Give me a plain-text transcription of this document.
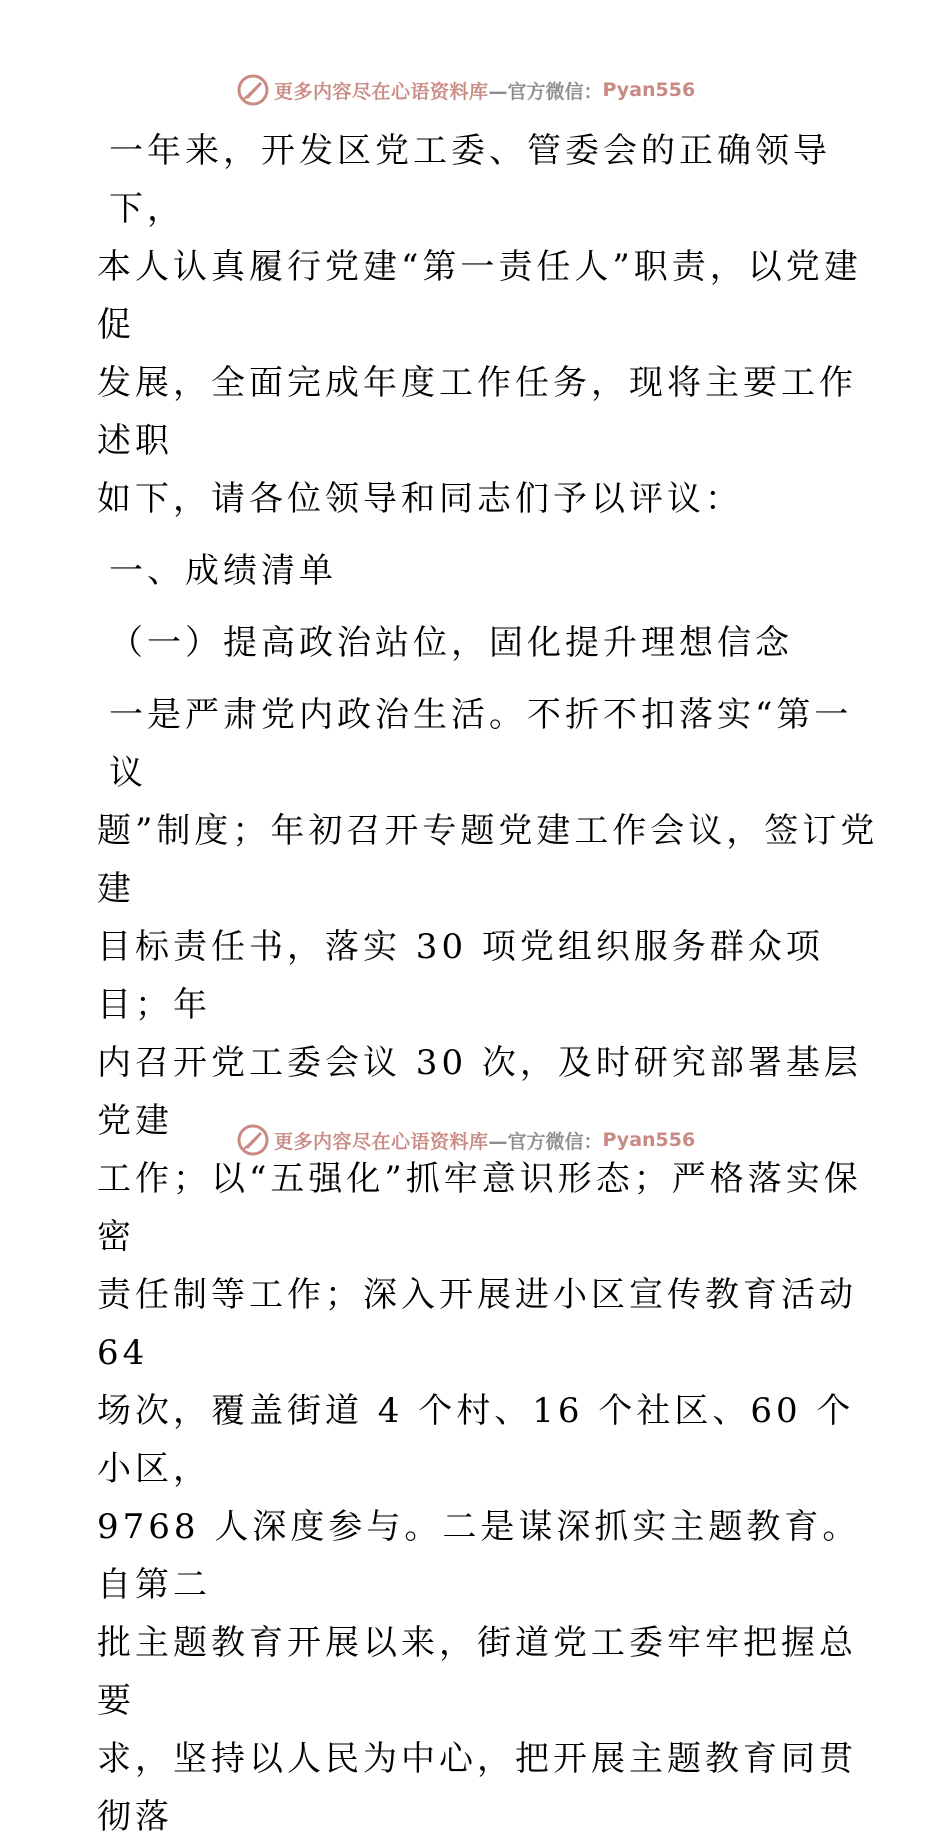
更多内容尽在心语资料库 —官方微信： Pyan556

一年来，开发区党工委、管委会的正确领导下，

本人认真履行党建“第一责任人”职责，以党建促

发展，全面完成年度工作任务，现将主要工作述职

如下，请各位领导和同志们予以评议：

一、成绩清单

（一）提高政治站位，固化提升理想信念

一是严肃党内政治生活。不折不扣落实“第一议

题”制度；年初召开专题党建工作会议，签订党建

目标责任书，落实 30 项党组织服务群众项目；年

内召开党工委会议 30 次，及时研究部署基层党建

工作；以“五强化”抓牢意识形态；严格落实保密

责任制等工作；深入开展进小区宣传教育活动 64

场次，覆盖街道 4 个村、16 个社区、60 个小区，

9768 人深度参与。二是谋深抓实主题教育。自第二

批主题教育开展以来，街道党工委牢牢把握总要

求，坚持以人民为中心，把开展主题教育同贯彻落

更多内容尽在心语资料库 —官方微信： Pyan556
